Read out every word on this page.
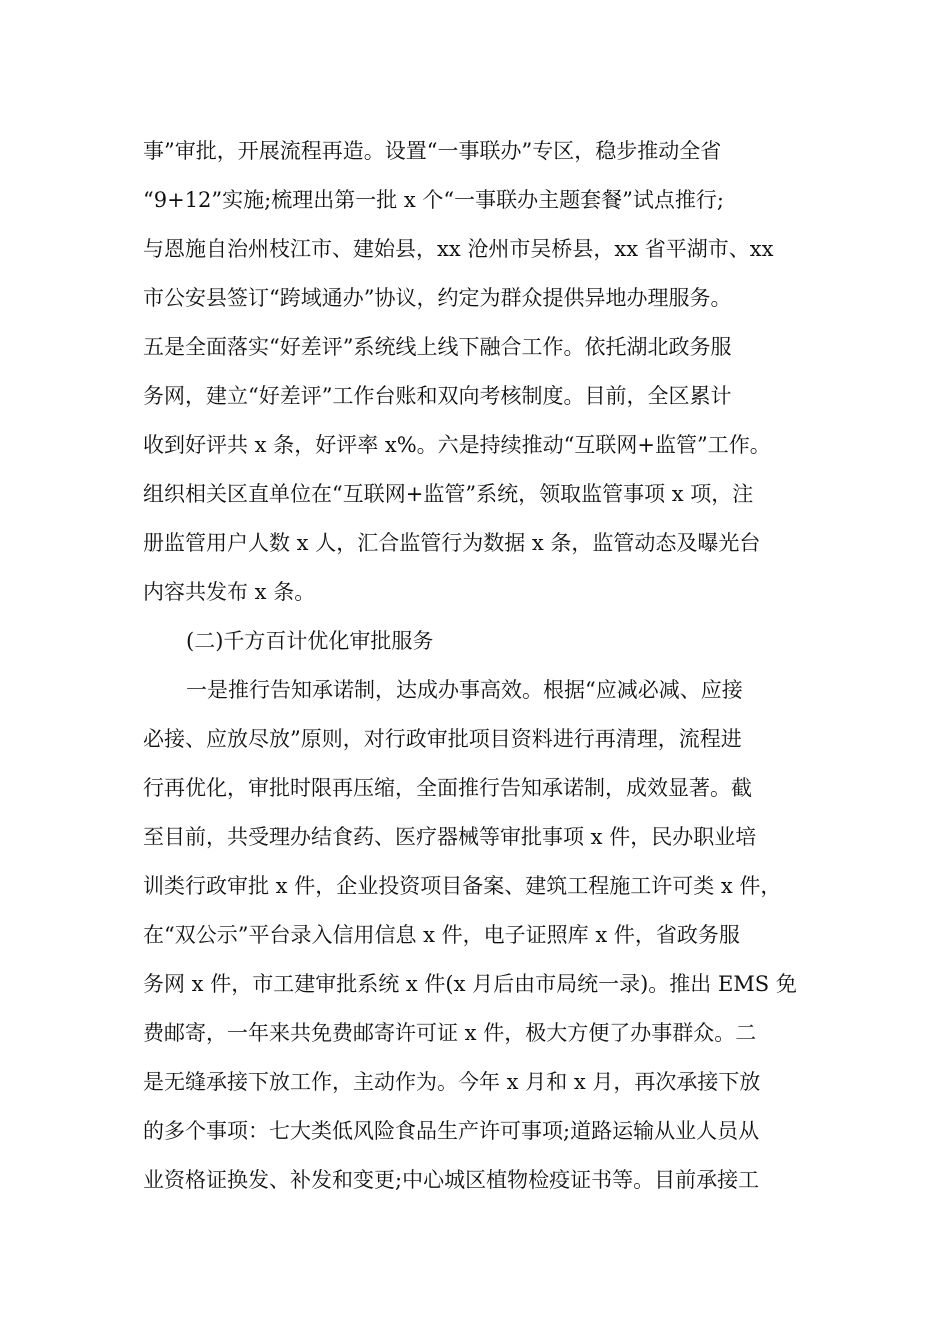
事”审批，开展流程再造。设置“一事联办”专区，稳步推动全省
“9+12”实施;梳理出第一批 x 个“一事联办主题套餐”试点推行;
与恩施自治州枝江市、建始县，xx 沧州市吴桥县，xx 省平湖市、xx
市公安县签订“跨域通办”协议，约定为群众提供异地办理服务。
五是全面落实“好差评”系统线上线下融合工作。依托湖北政务服
务网，建立“好差评”工作台账和双向考核制度。目前，全区累计
收到好评共 x 条，好评率 x%。六是持续推动“互联网+监管”工作。
组织相关区直单位在“互联网+监管”系统，领取监管事项 x 项，注
册监管用户人数 x 人，汇合监管行为数据 x 条，监管动态及曝光台
内容共发布 x 条。
(二)千方百计优化审批服务
一是推行告知承诺制，达成办事高效。根据“应减必减、应接
必接、应放尽放”原则，对行政审批项目资料进行再清理，流程进
行再优化，审批时限再压缩，全面推行告知承诺制，成效显著。截
至目前，共受理办结食药、医疗器械等审批事项 x 件，民办职业培
训类行政审批 x 件，企业投资项目备案、建筑工程施工许可类 x 件，
在“双公示”平台录入信用信息 x 件，电子证照库 x 件，省政务服
务网 x 件，市工建审批系统 x 件(x 月后由市局统一录)。推出 EMS 免
费邮寄，一年来共免费邮寄许可证 x 件，极大方便了办事群众。二
是无缝承接下放工作，主动作为。今年 x 月和 x 月，再次承接下放
的多个事项：七大类低风险食品生产许可事项;道路运输从业人员从
业资格证换发、补发和变更;中心城区植物检疫证书等。目前承接工
